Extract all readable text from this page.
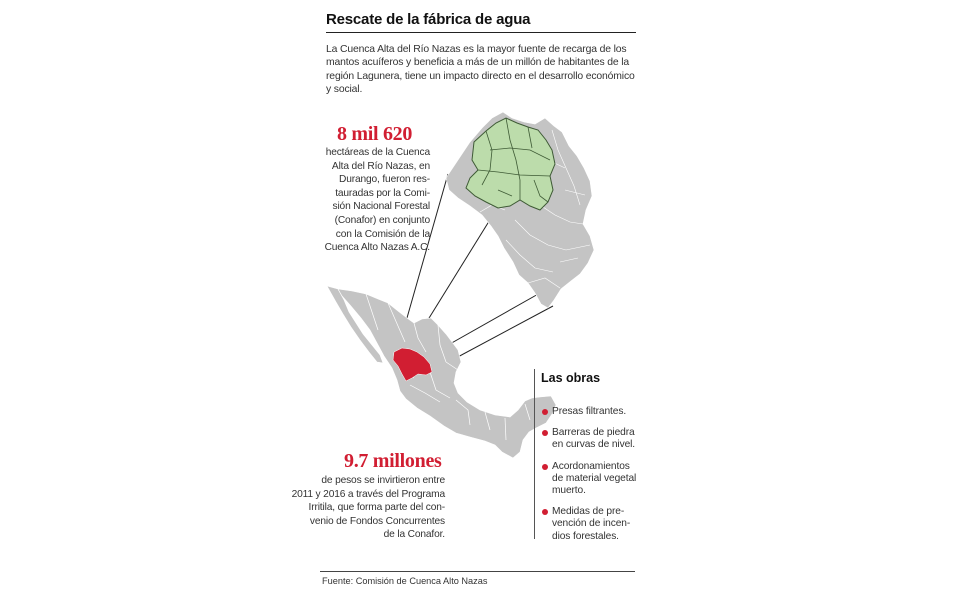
Rescate de la fábrica de agua
La Cuenca Alta del Río Nazas es la mayor fuente de recarga de los mantos acuíferos y beneficia a más de un millón de habitantes de la región Lagunera, tiene un impacto directo en el desarrollo económico y social.
8 mil 620
hectáreas de la Cuenca
Alta del Río Nazas, en
Durango, fueron res-
tauradas por la Comi-
sión Nacional Forestal
(Conafor) en conjunto
con la Comisión de la
Cuenca Alto Nazas A.C.
9.7 millones
de pesos se invirtieron entre
2011 y 2016 a través del Programa
Irritila, que forma parte del con-
venio de Fondos Concurrentes
de la Conafor.
Las obras
Presas filtrantes.
Barreras de piedra
en curvas de nivel.
Acordonamientos
de material vegetal
muerto.
Medidas de pre-
vención de incen-
dios forestales.
Fuente: Comisión de Cuenca Alto Nazas
